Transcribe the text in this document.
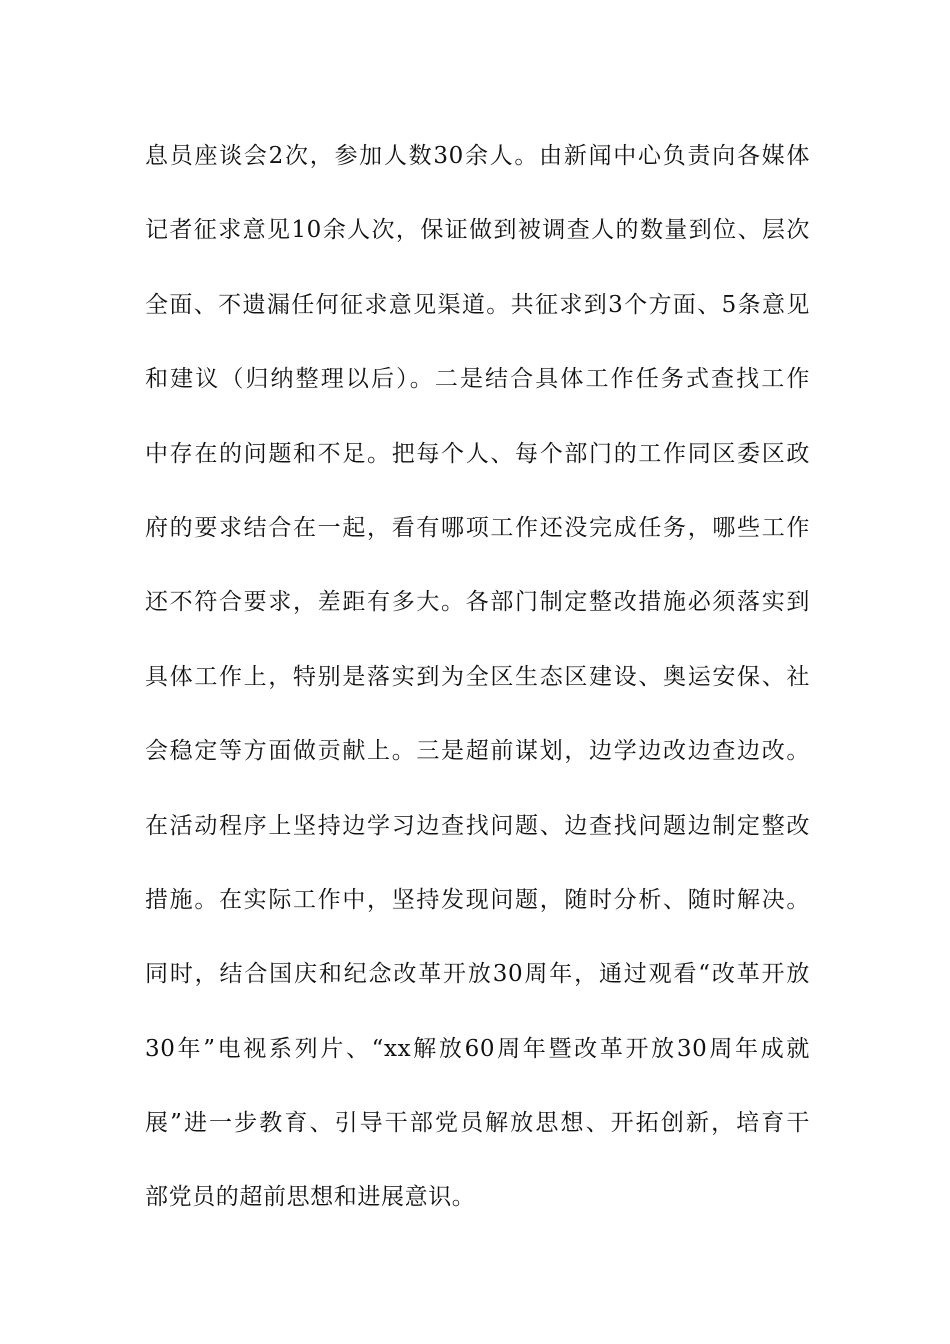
息员座谈会2次，参加人数30余人。由新闻中心负责向各媒体
记者征求意见10余人次，保证做到被调查人的数量到位、层次
全面、不遗漏任何征求意见渠道。共征求到3个方面、5条意见
和建议（归纳整理以后）。二是结合具体工作任务式查找工作
中存在的问题和不足。把每个人、每个部门的工作同区委区政
府的要求结合在一起，看有哪项工作还没完成任务，哪些工作
还不符合要求，差距有多大。各部门制定整改措施必须落实到
具体工作上，特别是落实到为全区生态区建设、奥运安保、社
会稳定等方面做贡献上。三是超前谋划，边学边改边查边改。
在活动程序上坚持边学习边查找问题、边查找问题边制定整改
措施。在实际工作中，坚持发现问题，随时分析、随时解决。
同时，结合国庆和纪念改革开放30周年，通过观看“改革开放
30年”电视系列片、“xx解放60周年暨改革开放30周年成就
展”进一步教育、引导干部党员解放思想、开拓创新，培育干
部党员的超前思想和进展意识。
